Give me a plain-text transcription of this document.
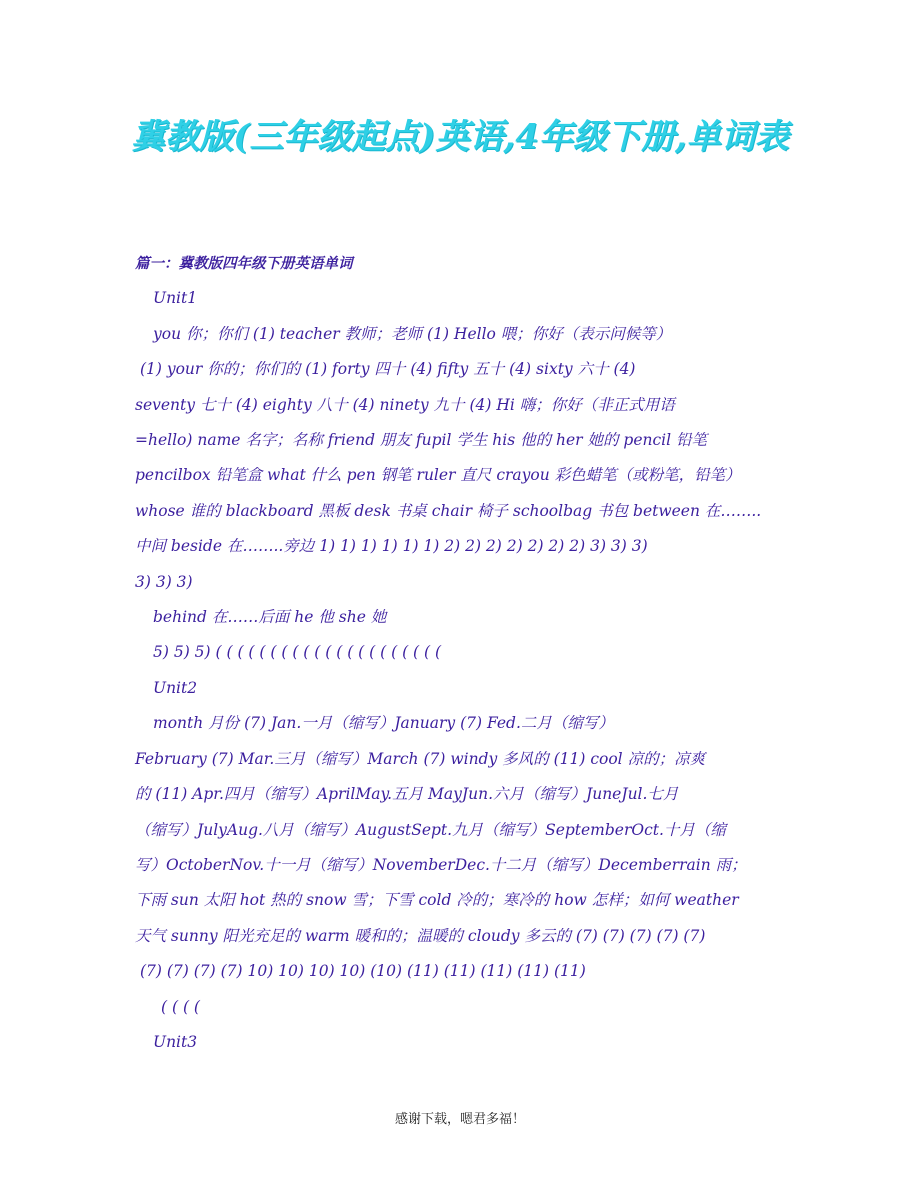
冀教版(三年级起点)英语,4年级下册,单词表

篇一：冀教版四年级下册英语单词

Unit1

you 你；你们 (1) teacher 教师；老师 (1) Hello 喂；你好（表示问候等）

(1) your 你的；你们的 (1) forty 四十 (4) fifty 五十 (4) sixty 六十 (4)

seventy 七十 (4) eighty 八十 (4) ninety 九十 (4) Hi 嗨；你好（非正式用语

=hello) name 名字；名称 friend 朋友 fupil 学生 his 他的 her 她的 pencil 铅笔

pencilbox 铅笔盒 what 什么 pen 钢笔 ruler 直尺 crayou 彩色蜡笔（或粉笔，铅笔）

whose 谁的 blackboard 黑板 desk 书桌 chair 椅子 schoolbag 书包 between 在……..

中间 beside 在……..旁边 1) 1) 1) 1) 1) 1) 2) 2) 2) 2) 2) 2) 2) 3) 3) 3)

3) 3) 3)

behind 在……后面 he 他 she 她

5) 5) 5) ( ( ( ( ( ( ( ( ( ( ( ( ( ( ( ( ( ( ( ( (

Unit2

month 月份 (7) Jan.一月（缩写）January (7) Fed.二月（缩写）

February (7) Mar.三月（缩写）March (7) windy 多风的 (11) cool 凉的；凉爽

的 (11) Apr.四月（缩写）AprilMay.五月 MayJun.六月（缩写）JuneJul.七月

（缩写）JulyAug.八月（缩写）AugustSept.九月（缩写）SeptemberOct.十月（缩

写）OctoberNov.十一月（缩写）NovemberDec.十二月（缩写）Decemberrain 雨；

下雨 sun 太阳 hot 热的 snow 雪；下雪 cold 冷的；寒冷的 how 怎样；如何 weather

天气 sunny 阳光充足的 warm 暖和的；温暖的 cloudy 多云的 (7) (7) (7) (7) (7)

(7) (7) (7) (7) 10) 10) 10) 10) (10) (11) (11) (11) (11) (11)

( ( ( (

Unit3

感谢下载，嗯君多福！
